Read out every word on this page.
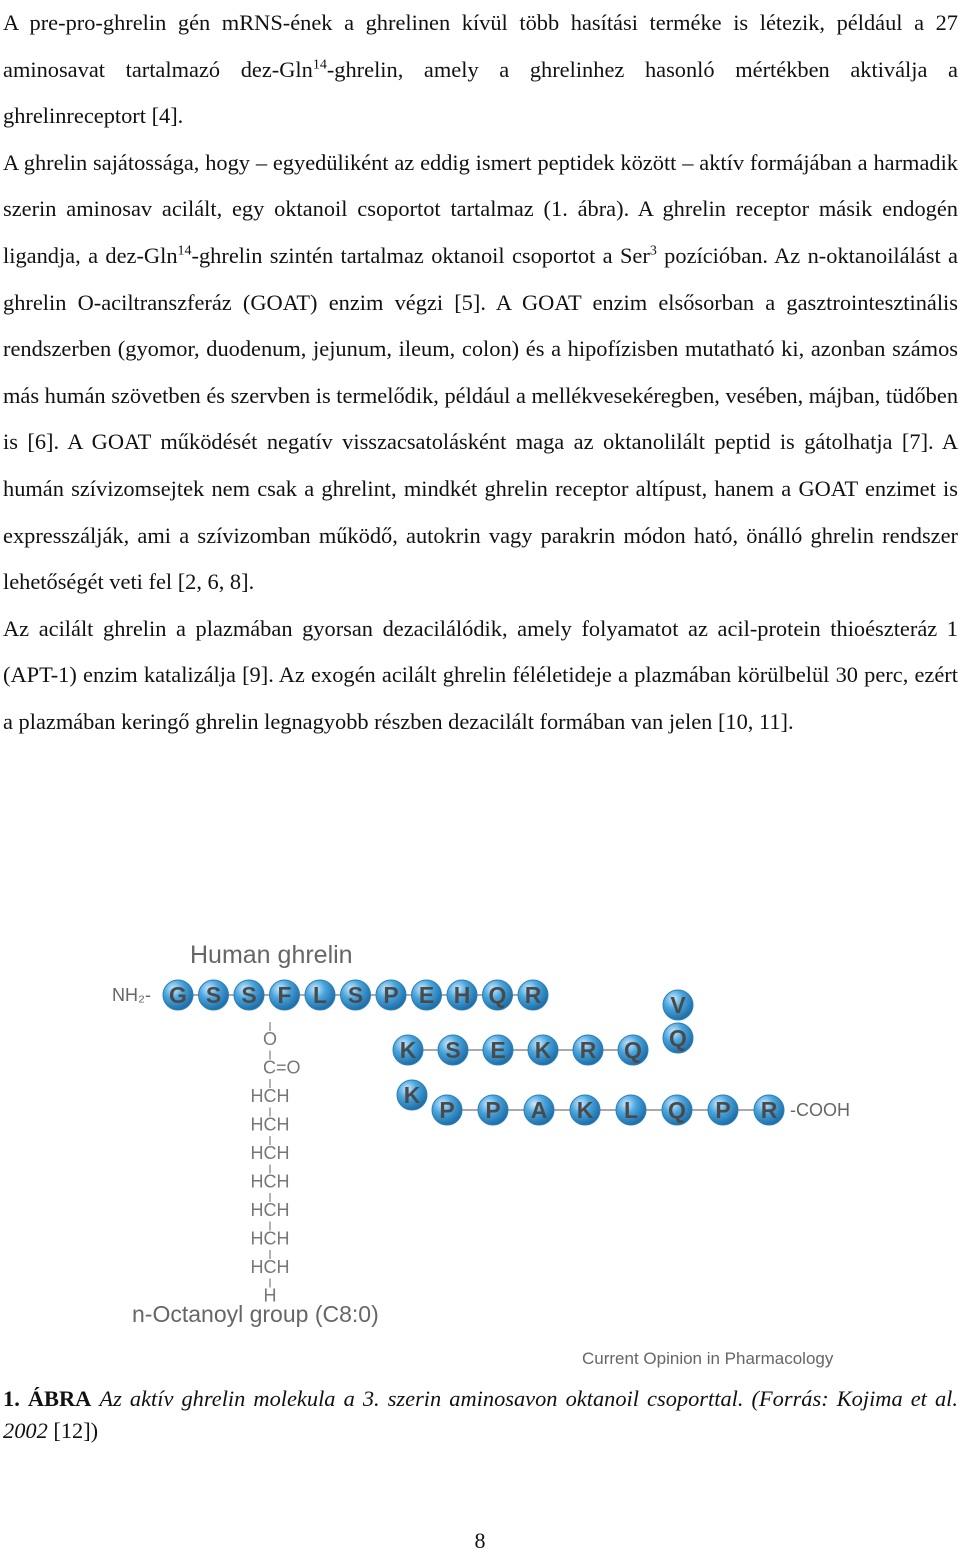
A pre-pro-ghrelin gén mRNS-ének a ghrelinen kívül több hasítási terméke is létezik, például a 27 aminosavat tartalmazó dez-Gln$^{14}$-ghrelin, amely a ghrelinhez hasonló mértékben aktiválja a ghrelinreceptort [4].

A ghrelin sajátossága, hogy – egyedüliként az eddig ismert peptidek között – aktív formájában a harmadik szerin aminosav acilált, egy oktanoil csoportot tartalmaz (1. ábra). A ghrelin receptor másik endogén ligandja, a dez-Gln$^{14}$-ghrelin szintén tartalmaz oktanoil csoportot a Ser$^3$ pozícióban. Az n-oktanoilálást a ghrelin O-aciltranszferáz (GOAT) enzim végzi [5]. A GOAT enzim elsősorban a gasztrointesztinális rendszerben (gyomor, duodenum, jejunum, ileum, colon) és a hipofízisben mutatható ki, azonban számos más humán szövetben és szervben is termelődik, például a mellékvesekéregben, vesében, májban, tüdőben is [6]. A GOAT működését negatív visszacsatolásként maga az oktanolilált peptid is gátolhatja [7]. A humán szívizomsejtek nem csak a ghrelint, mindkét ghrelin receptor altípust, hanem a GOAT enzimet is expresszálják, ami a szívizomban működő, autokrin vagy parakrin módon ható, önálló ghrelin rendszer lehetőségét veti fel [2, 6, 8].

Az acilált ghrelin a plazmában gyorsan dezacilálódik, amely folyamatot az acil-protein thioészteráz 1 (APT-1) enzim katalizálja [9]. Az exogén acilált ghrelin féléletideje a plazmában körülbelül 30 perc, ezért a plazmában keringő ghrelin legnagyobb részben dezacilált formában van jelen [10, 11].

Human ghrelin
NH₂-
-COOH
G S S F L S P E H Q R	V
Q
Q
R
K
E
S
K
K
P P A K L Q P R
O
C=O
HCH
HCH
HCH
HCH
HCH
HCH
HCH
H
n-Octanoyl group (C8:0)
Current Opinion in Pharmacology
1. ÁBRA Az aktív ghrelin molekula a 3. szerin aminosavon oktanoil csoporttal. (Forrás: Kojima et al. 2002 [12])
8
